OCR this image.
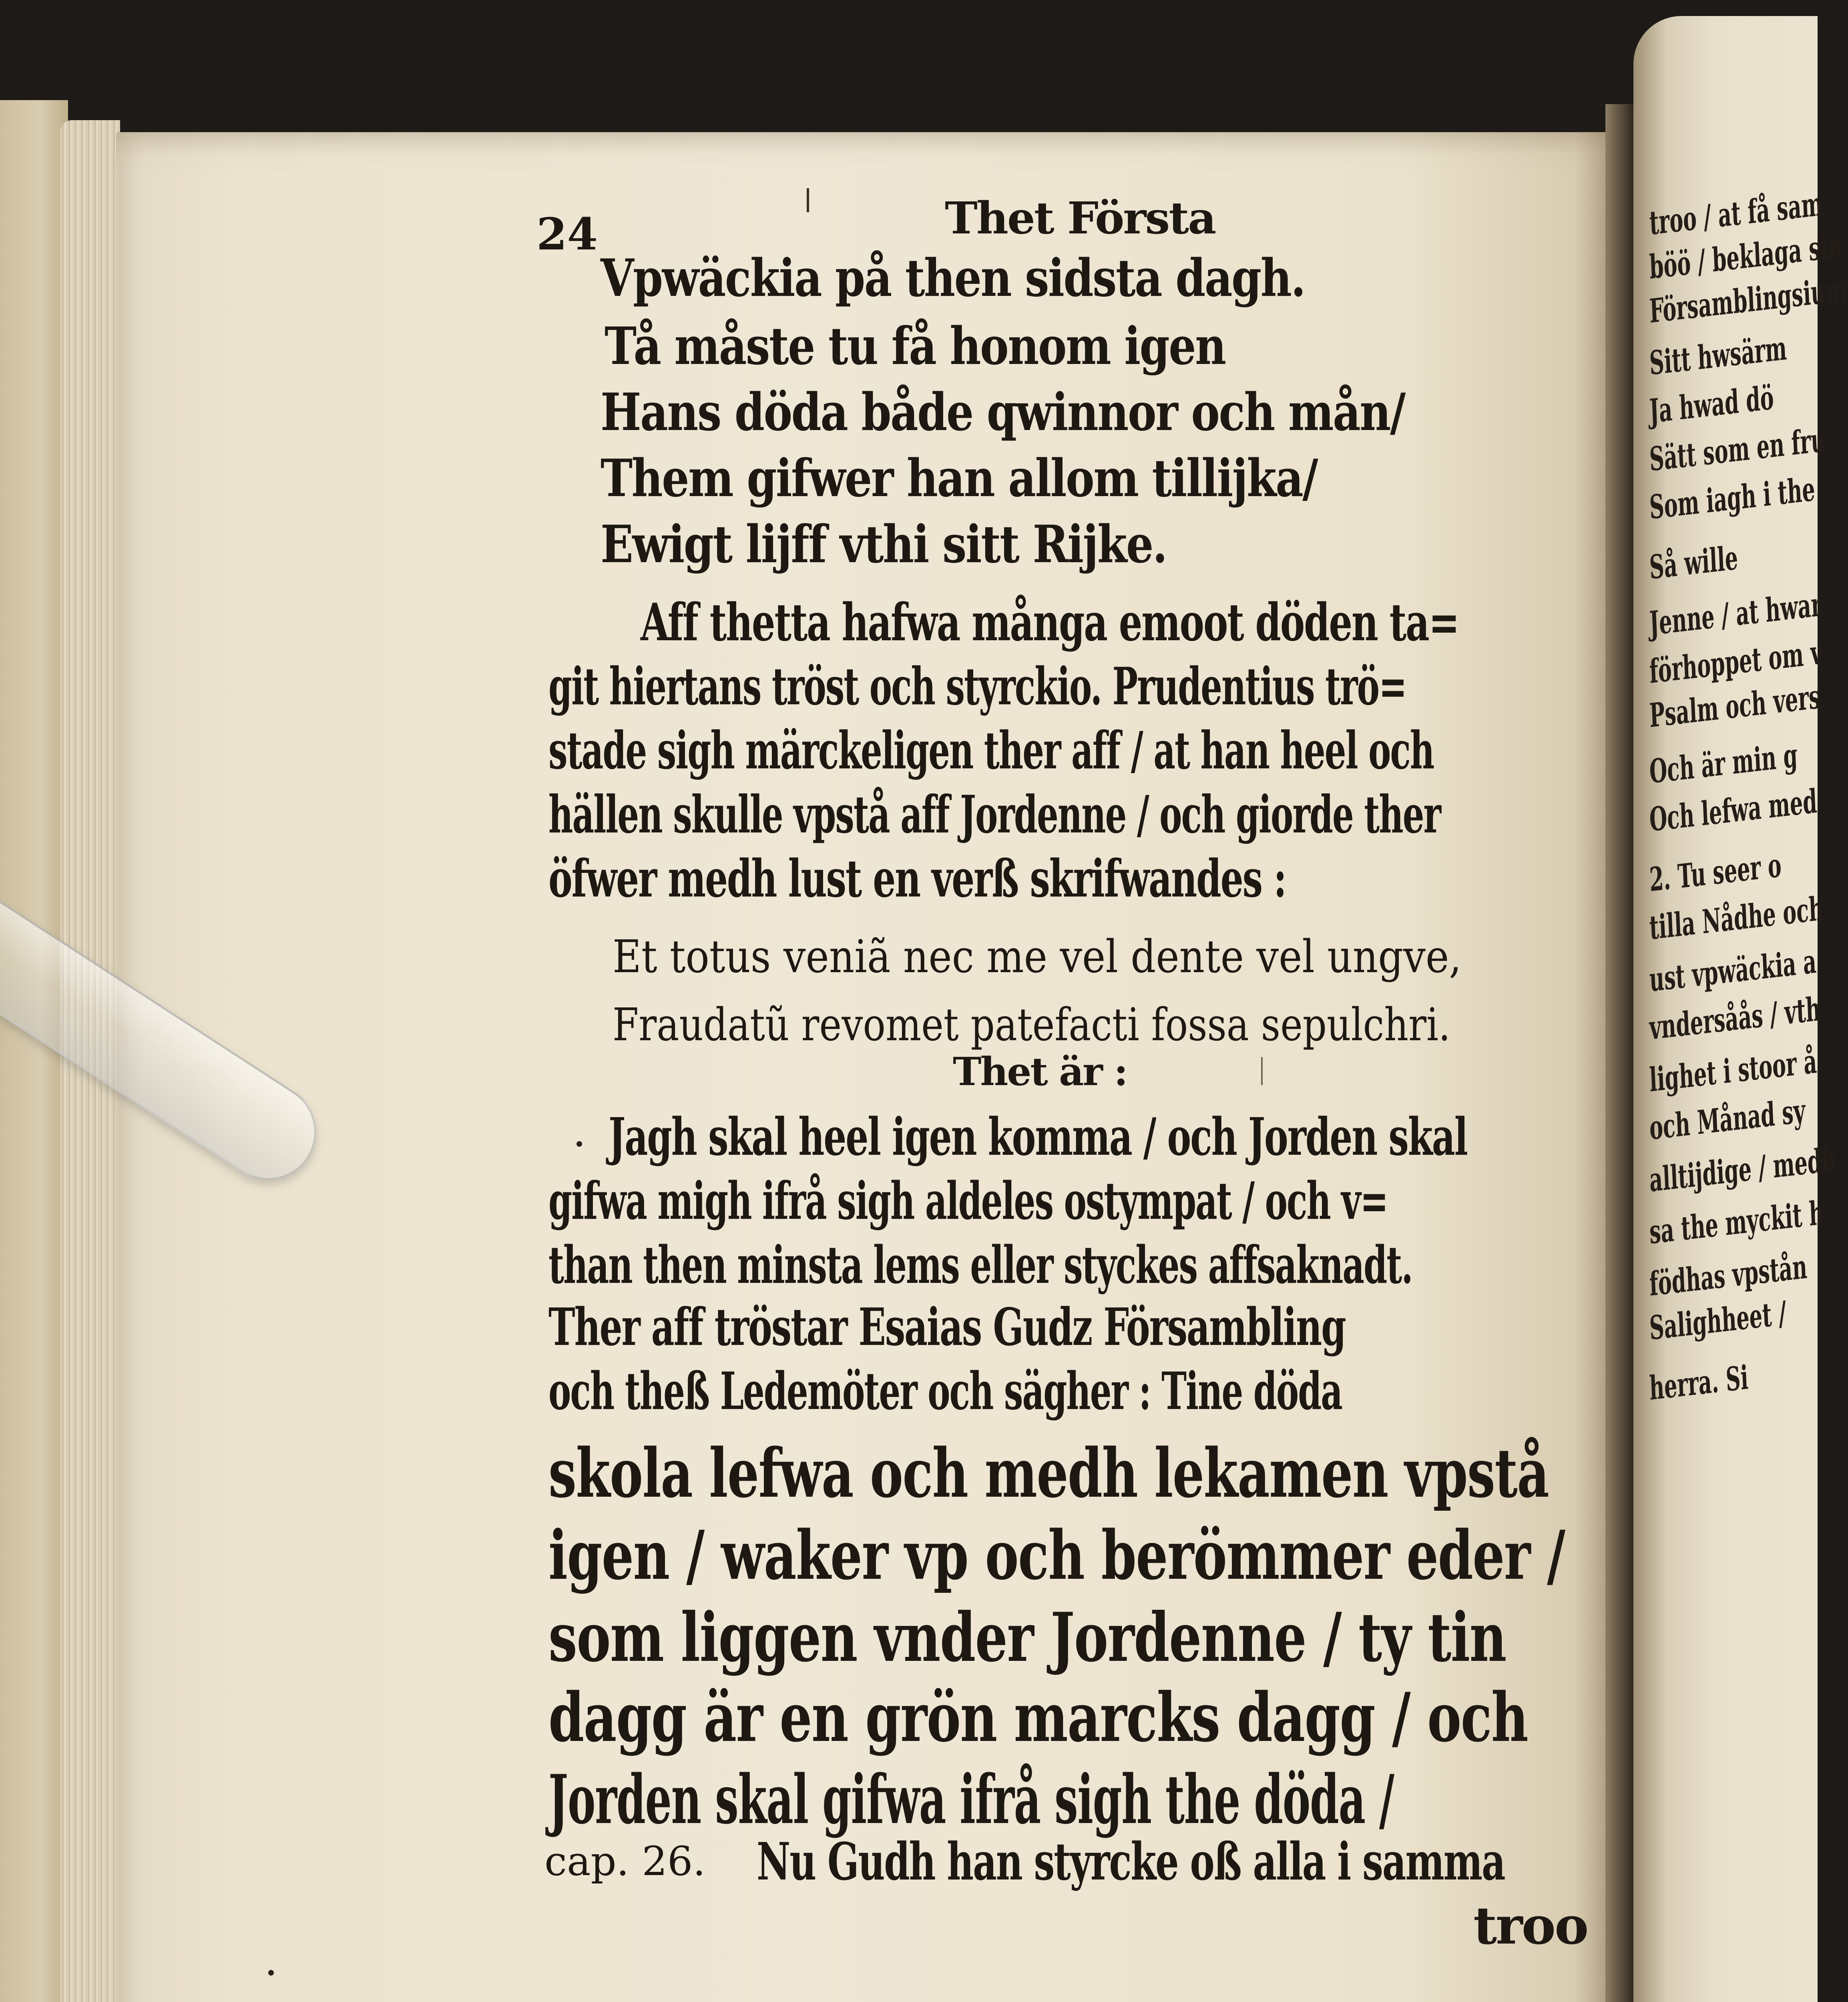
troo / at få sam
böö / beklaga sin
Församblingsium
Sitt hwsärm
Ja hwad dö
Sätt som en fru
Som iagh i the
Så wille
Jenne / at hwar
förhoppet om v
Psalm och vers.
Och är min g
Och lefwa med
2. Tu seer o
tilla Nådhe och
ust vpwäckia a
vndersåås / vth
lighet i stoor å
och Månad sy
alltijdige / medh
sa the myckit h
födhas vpstån
Salighheet /
herra. Si
24	Thet Första
Vpwäckia på then sidsta dagh.
Tå måste tu få honom igen
Hans döda både qwinnor och mån/
Them gifwer han allom tillijka/
Ewigt lijff vthi sitt Rijke.
Aff thetta hafwa många emoot döden ta=
git hiertans tröst och styrckio. Prudentius trö=
stade sigh märckeligen ther aff / at han heel och
hällen skulle vpstå aff Jordenne / och giorde ther
öfwer medh lust en verß skrifwandes :
Et totus veniã nec me vel dente vel ungve,
Fraudatũ revomet patefacti fossa sepulchri.
Thet är :
Jagh skal heel igen komma / och Jorden skal
gifwa migh ifrå sigh aldeles ostympat / och v=
than then minsta lems eller styckes affsaknadt.
Ther aff tröstar Esaias Gudz Försambling
och theß Ledemöter och sägher : Tine döda
skola lefwa och medh lekamen vpstå
igen / waker vp och berömmer eder /
som liggen vnder Jordenne / ty tin
dagg är en grön marcks dagg / och
Jorden skal gifwa ifrå sigh the döda /
cap. 26. Nu Gudh han styrcke oß alla i samma
troo
